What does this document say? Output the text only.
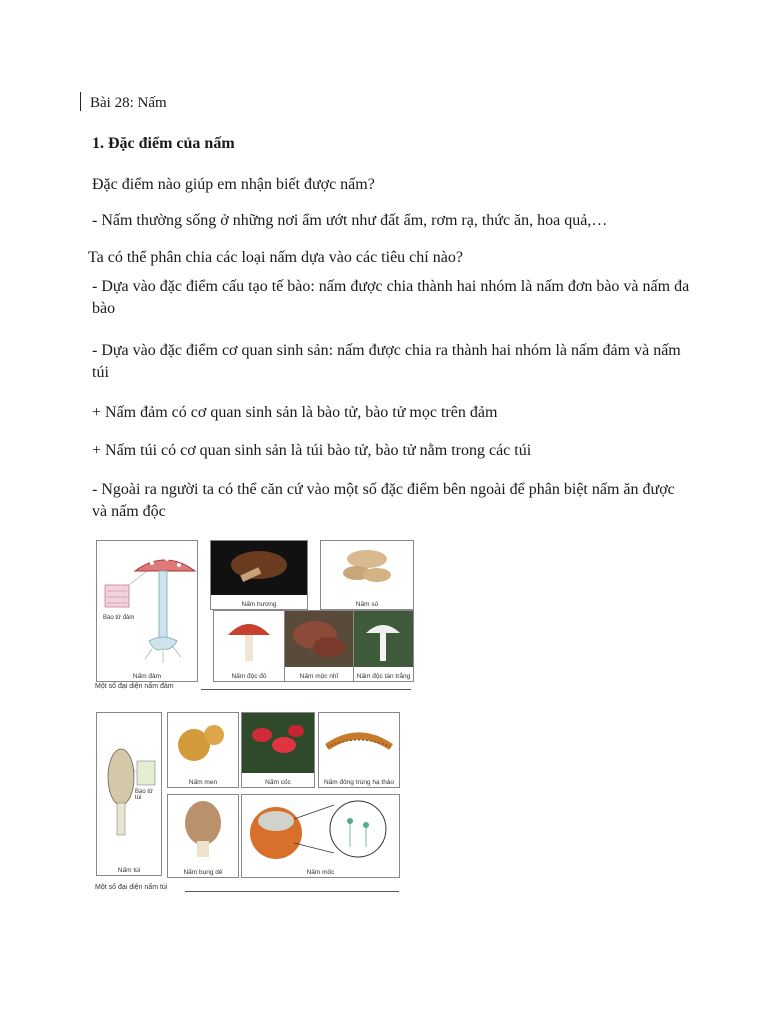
Bài 28: Nấm
1. Đặc điểm của nấm
Đặc điểm nào giúp em nhận biết được nấm?
- Nấm thường sống ở những nơi ẩm ướt như đất ẩm, rơm rạ, thức ăn, hoa quả,…
Ta có thể phân chia các loại nấm dựa vào các tiêu chí nào?
- Dựa vào đặc điểm cấu tạo tế bào: nấm được chia thành hai nhóm là nấm đơn bào và nấm đa bào
- Dựa vào đặc điểm cơ quan sinh sản: nấm được chia ra thành hai nhóm là nấm đảm và nấm túi
+ Nấm đảm có cơ quan sinh sản là bào tử, bào tử mọc trên đảm
+ Nấm túi có cơ quan sinh sản là túi bào tử, bào tử nằm trong các túi
- Ngoài ra người ta có thể căn cứ vào một số đặc điểm bên ngoài để phân biệt nấm ăn được và nấm độc
Bào tử đảm
Nấm đảm
Nấm hương	Nấm sò
Nấm độc đỏ	Nấm mộc nhĩ	Nấm độc tán trắng
Một số đại diện nấm đảm
Bào tử túi
Nấm túi
Nấm men	Nấm cốc	Nấm đông trùng hạ thảo
Nấm bụng dê	Nấm mốc
Một số đại diện nấm túi
